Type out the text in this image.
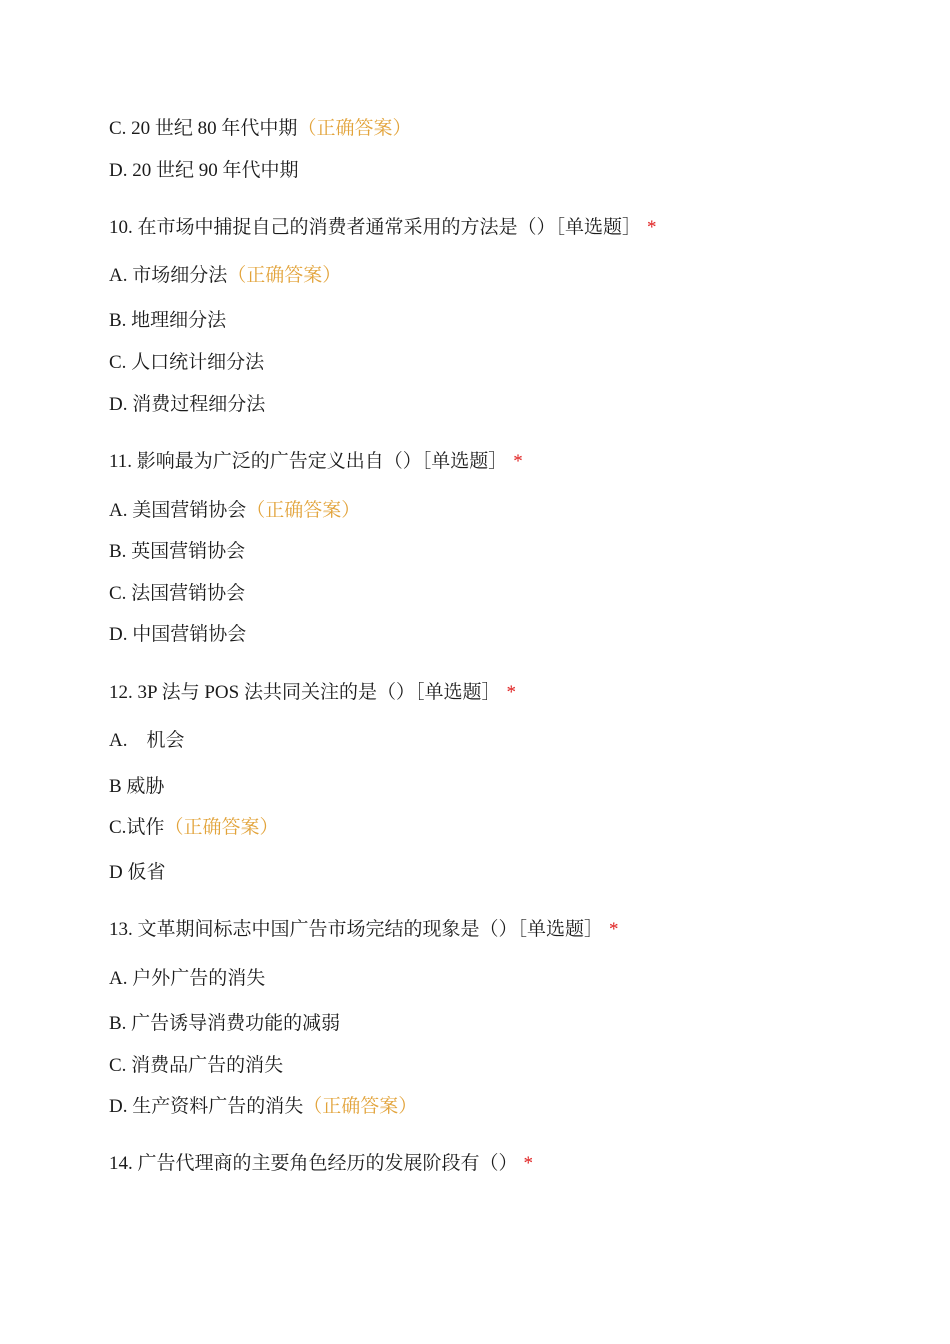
C. 20 世纪 80 年代中期（正确答案）
D. 20 世纪 90 年代中期
10. 在市场中捕捉自己的消费者通常采用的方法是（）［单选题］ *
A. 市场细分法（正确答案）
B. 地理细分法
C. 人口统计细分法
D. 消费过程细分法
11. 影响最为广泛的广告定义出自（）［单选题］ *
A. 美国营销协会（正确答案）
B. 英国营销协会
C. 法国营销协会
D. 中国营销协会
12. 3P 法与 POS 法共同关注的是（）［单选题］ *
A.    机会
B 威胁
C.试作（正确答案）
D 仮省
13. 文革期间标志中国广告市场完结的现象是（）［单选题］ *
A. 户外广告的消失
B. 广告诱导消费功能的减弱
C. 消费品广告的消失
D. 生产资料广告的消失（正确答案）
14. 广告代理商的主要角色经历的发展阶段有（） *
